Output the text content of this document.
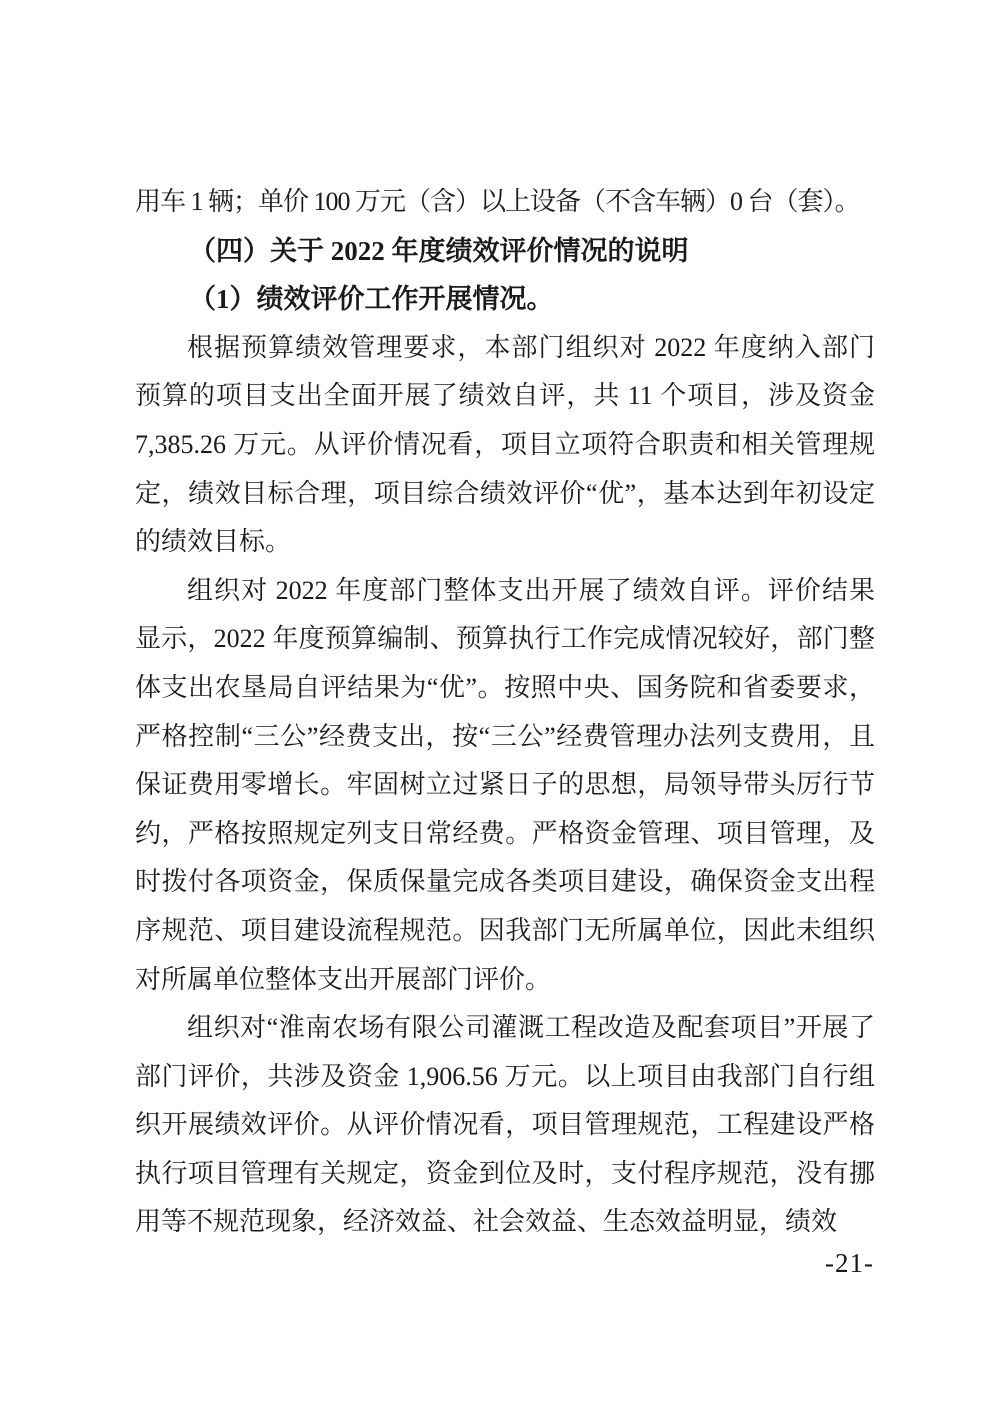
用车 1 辆；单价 100 万元（含）以上设备（不含车辆）0 台（套）。

（四）关于 2022 年度绩效评价情况的说明

（1）绩效评价工作开展情况。

根据预算绩效管理要求，本部门组织对 2022 年度纳入部门预算的项目支出全面开展了绩效自评，共 11 个项目，涉及资金 7,385.26 万元。从评价情况看，项目立项符合职责和相关管理规定，绩效目标合理，项目综合绩效评价“优”，基本达到年初设定的绩效目标。

组织对 2022 年度部门整体支出开展了绩效自评。评价结果显示，2022 年度预算编制、预算执行工作完成情况较好，部门整体支出农垦局自评结果为“优”。按照中央、国务院和省委要求，严格控制“三公”经费支出，按“三公”经费管理办法列支费用，且保证费用零增长。牢固树立过紧日子的思想，局领导带头厉行节约，严格按照规定列支日常经费。严格资金管理、项目管理，及时拨付各项资金，保质保量完成各类项目建设，确保资金支出程序规范、项目建设流程规范。因我部门无所属单位，因此未组织对所属单位整体支出开展部门评价。

组织对“淮南农场有限公司灌溉工程改造及配套项目”开展了部门评价，共涉及资金 1,906.56 万元。以上项目由我部门自行组织开展绩效评价。从评价情况看，项目管理规范，工程建设严格执行项目管理有关规定，资金到位及时，支付程序规范，没有挪用等不规范现象，经济效益、社会效益、生态效益明显，绩效

-21-
